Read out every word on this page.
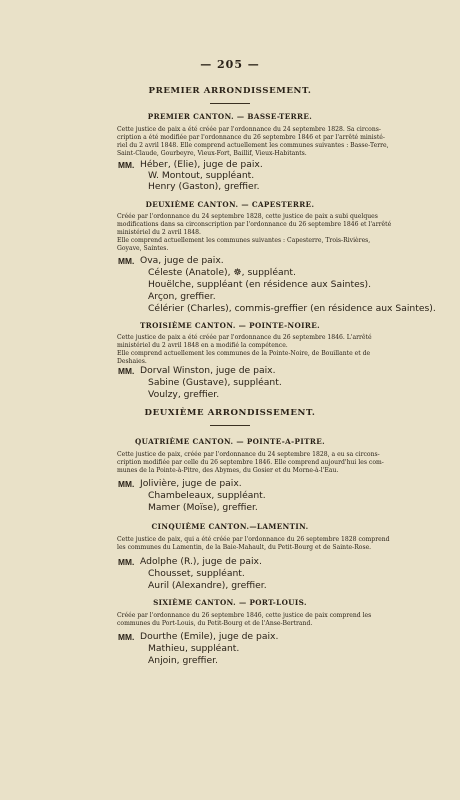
— 205 —
PREMIER ARRONDISSEMENT.
PREMIER CANTON. — BASSE-TERRE.
Cette justice de paix a été créée par l'ordonnance du 24 septembre 1828. Sa circons-
cription a été modifiée par l'ordonnance du 26 septembre 1846 et par l'arrêté ministé-
riel du 2 avril 1848. Elle comprend actuellement les communes suivantes : Basse-Terre,
Saint-Claude, Gourbeyre, Vieux-Fort, Baillif, Vieux-Habitants.
MM. Héber, (Elie), juge de paix.
W. Montout, suppléant.
Henry (Gaston), greffier.
DEUXIÈME CANTON. — CAPESTERRE.
Créée par l'ordonnance du 24 septembre 1828, cette justice de paix a subi quelques
modifications dans sa circonscription par l'ordonnance du 26 septembre 1846 et l'arrêté
ministériel du 2 avril 1848.
Elle comprend actuellement les communes suivantes : Capesterre, Trois-Rivières,
Goyave, Saintes.
MM. Ova, juge de paix.
Céleste (Anatole), ☸, suppléant.
Houëlche, suppléant (en résidence aux Saintes).
Arçon, greffier.
Célérier (Charles), commis-greffier (en résidence aux Saintes).
TROISIÈME CANTON. — POINTE-NOIRE.
Cette justice de paix a été créée par l'ordonnance du 26 septembre 1846. L'arrêté
ministériel du 2 avril 1848 en a modifié la compétence.
Elle comprend actuellement les communes de la Pointe-Noire, de Bouillante et de
Deshaies.
MM. Dorval Winston, juge de paix.
Sabine (Gustave), suppléant.
Voulzy, greffier.
DEUXIÈME ARRONDISSEMENT.
QUATRIÈME CANTON. — POINTE-A-PITRE.
Cette justice de paix, créée par l'ordonnance du 24 septembre 1828, a eu sa circons-
cription modifiée par celle du 26 septembre 1846. Elle comprend aujourd'hui les com-
munes de la Pointe-à-Pitre, des Abymes, du Gosier et du Morne-à-l'Eau.
MM. Jolivière, juge de paix.
Chambeleaux, suppléant.
Mamer (Moïse), greffier.
CINQUIÈME CANTON.—LAMENTIN.
Cette justice de paix, qui a été créée par l'ordonnance du 26 septembre 1828 comprend
les communes du Lamentin, de la Baie-Mahault, du Petit-Bourg et de Sainte-Rose.
MM. Adolphe (R.), juge de paix.
Chousset, suppléant.
Auril (Alexandre), greffier.
SIXIÈME CANTON. — PORT-LOUIS.
Créée par l'ordonnance du 26 septembre 1846, cette justice de paix comprend les
communes du Port-Louis, du Petit-Bourg et de l'Anse-Bertrand.
MM. Dourthe (Emile), juge de paix.
Mathieu, suppléant.
Anjoin, greffier.
